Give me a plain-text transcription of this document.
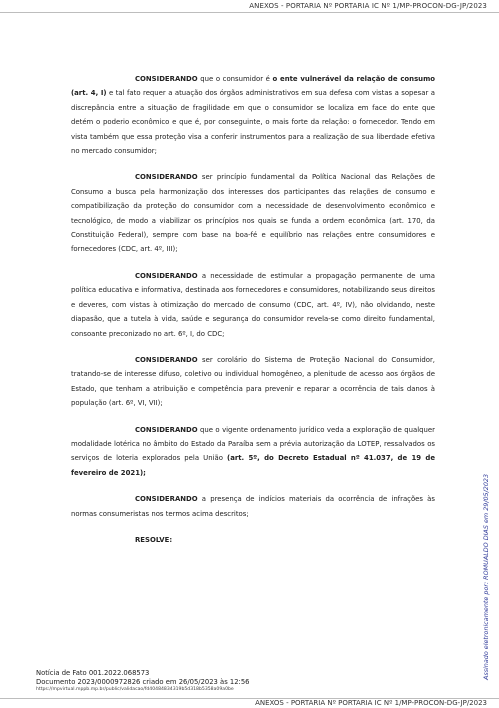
ANEXOS - PORTARIA Nº PORTARIA IC Nº 1/MP-PROCON-DG-JP/2023

CONSIDERANDO que o consumidor é o ente vulnerável da relação de consumo (art. 4, I) e tal fato requer a atuação dos órgãos administrativos em sua defesa com vistas a sopesar a discrepância entre a situação de fragilidade em que o consumidor se localiza em face do ente que detém o poderio econômico e que é, por conseguinte, o mais forte da relação: o fornecedor. Tendo em vista também que essa proteção visa a conferir instrumentos para a realização de sua liberdade efetiva no mercado consumidor;

CONSIDERANDO ser princípio fundamental da Política Nacional das Relações de Consumo a busca pela harmonização dos interesses dos participantes das relações de consumo e compatibilização da proteção do consumidor com a necessidade de desenvolvimento econômico e tecnológico, de modo a viabilizar os princípios nos quais se funda a ordem econômica (art. 170, da Constituição Federal), sempre com base na boa-fé e equilíbrio nas relações entre consumidores e fornecedores (CDC, art. 4º, III);

CONSIDERANDO a necessidade de estimular a propagação permanente de uma política educativa e informativa, destinada aos fornecedores e consumidores, notabilizando seus direitos e deveres, com vistas à otimização do mercado de consumo (CDC, art. 4º, IV), não olvidando, neste diapasão, que a tutela à vida, saúde e segurança do consumidor revela-se como direito fundamental, consoante preconizado no art. 6º, I, do CDC;

CONSIDERANDO ser corolário do Sistema de Proteção Nacional do Consumidor, tratando-se de interesse difuso, coletivo ou individual homogêneo, a plenitude de acesso aos órgãos de Estado, que tenham a atribuição e competência para prevenir e reparar a ocorrência de tais danos à população (art. 6º, VI, VII);

CONSIDERANDO que o vigente ordenamento jurídico veda a exploração de qualquer modalidade lotérica no âmbito do Estado da Paraíba sem a prévia autorização da LOTEP, ressalvados os serviços de loteria explorados pela União (art. 5º, do Decreto Estadual nº 41.037, de 19 de fevereiro de 2021);

CONSIDERANDO a presença de indícios materiais da ocorrência de infrações às normas consumeristas nos termos acima descritos;

RESOLVE:	Assinado eletronicamente por: ROMUALDO DIAS em 29/05/2023
Notícia de Fato 001.2022.068573
Documento 2023/0000972826 criado em 26/05/2023 às 12:56
https://mpvirtual.mppb.mp.br/public/validacao/fd40484834319b5d318b5358a09a0be
ANEXOS - PORTARIA Nº PORTARIA IC Nº 1/MP-PROCON-DG-JP/2023
